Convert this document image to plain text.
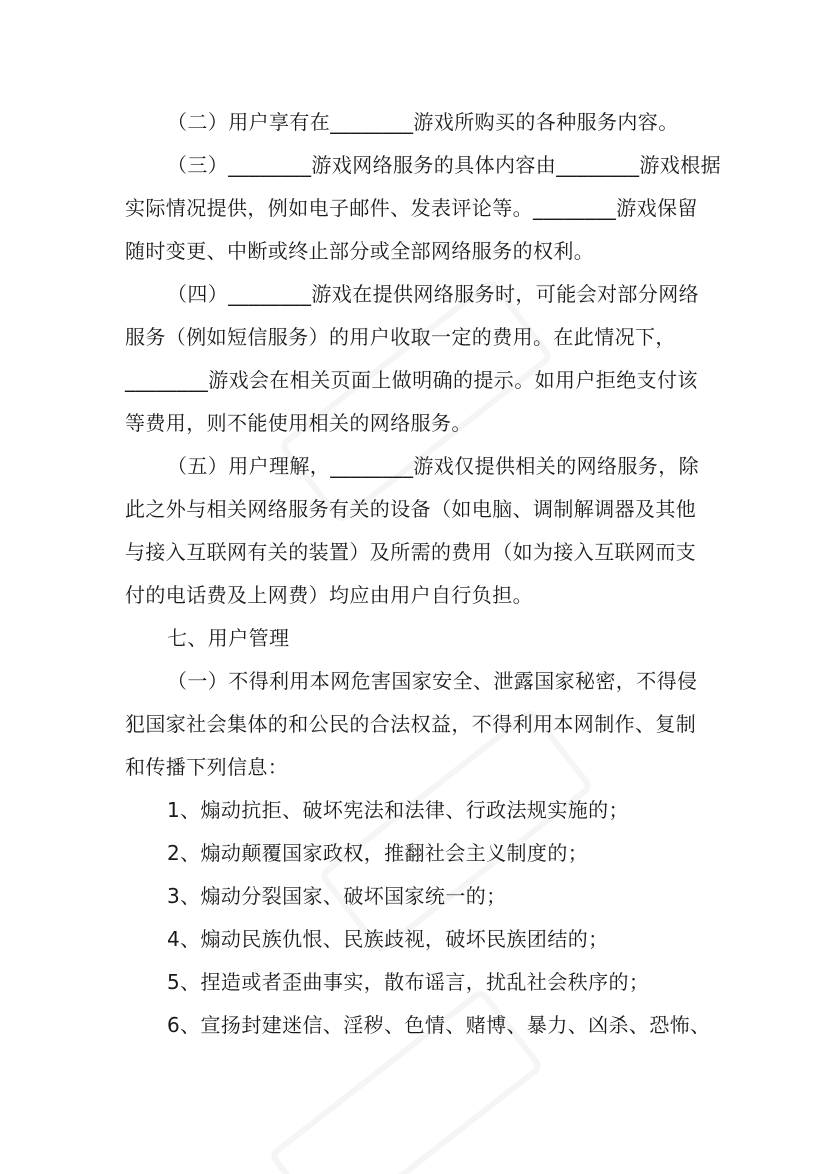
（二）用户享有在________游戏所购买的各种服务内容。
（三）________游戏网络服务的具体内容由________游戏根据
实际情况提供，例如电子邮件、发表评论等。________游戏保留
随时变更、中断或终止部分或全部网络服务的权利。
（四）________游戏在提供网络服务时，可能会对部分网络
服务（例如短信服务）的用户收取一定的费用。在此情况下，
________游戏会在相关页面上做明确的提示。如用户拒绝支付该
等费用，则不能使用相关的网络服务。
（五）用户理解，________游戏仅提供相关的网络服务，除
此之外与相关网络服务有关的设备（如电脑、调制解调器及其他
与接入互联网有关的装置）及所需的费用（如为接入互联网而支
付的电话费及上网费）均应由用户自行负担。
七、用户管理
（一）不得利用本网危害国家安全、泄露国家秘密，不得侵
犯国家社会集体的和公民的合法权益，不得利用本网制作、复制
和传播下列信息：
1、煽动抗拒、破坏宪法和法律、行政法规实施的；
2、煽动颠覆国家政权，推翻社会主义制度的；
3、煽动分裂国家、破坏国家统一的；
4、煽动民族仇恨、民族歧视，破坏民族团结的；
5、捏造或者歪曲事实，散布谣言，扰乱社会秩序的；
6、宣扬封建迷信、淫秽、色情、赌博、暴力、凶杀、恐怖、
